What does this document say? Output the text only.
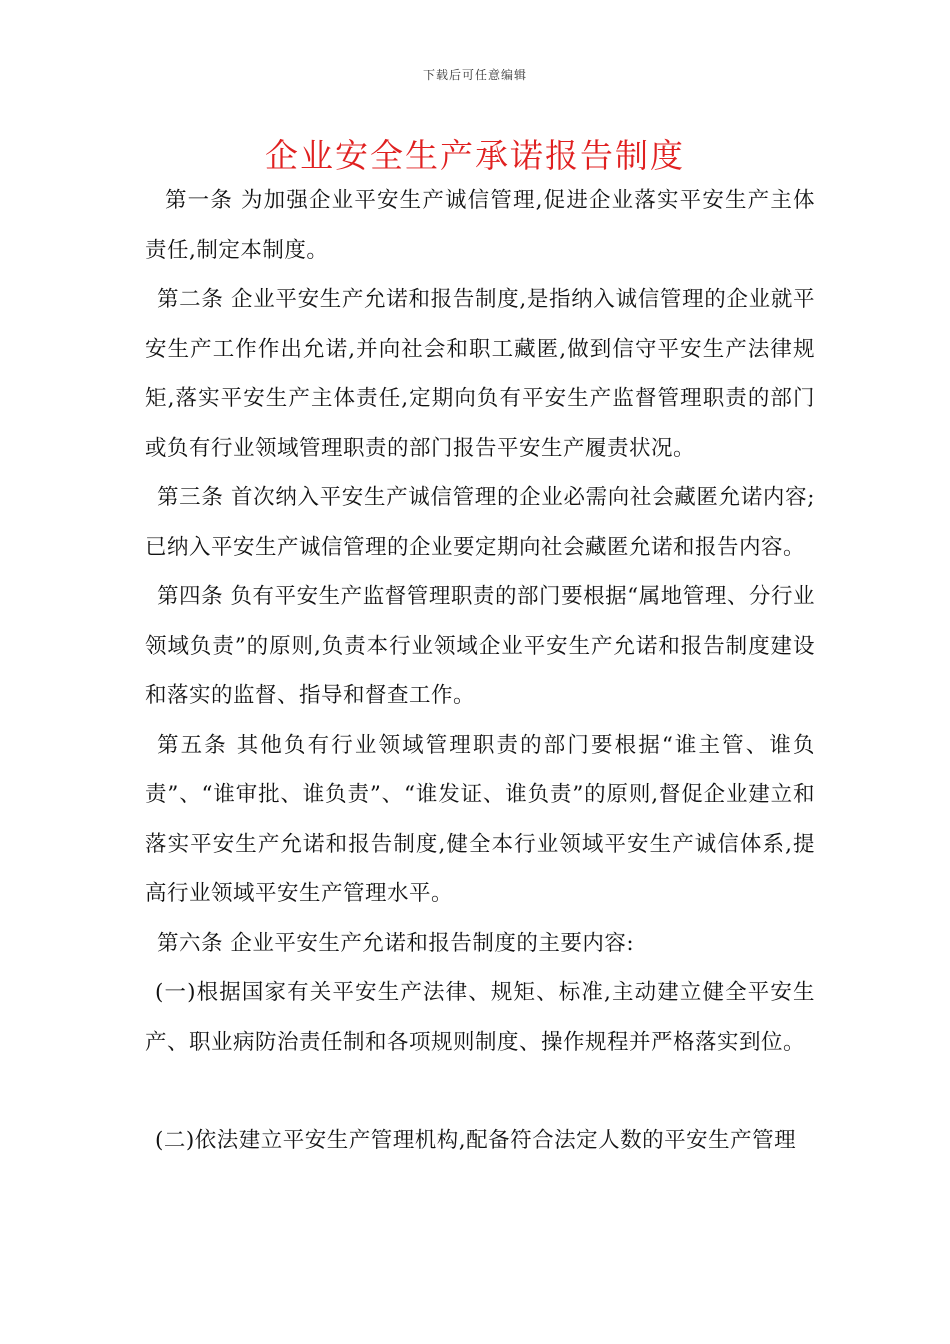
下载后可任意编辑
企业安全生产承诺报告制度

第一条 为加强企业平安生产诚信管理,促进企业落实平安生产主体责任,制定本制度。

第二条 企业平安生产允诺和报告制度,是指纳入诚信管理的企业就平安生产工作作出允诺,并向社会和职工藏匿,做到信守平安生产法律规矩,落实平安生产主体责任,定期向负有平安生产监督管理职责的部门或负有行业领域管理职责的部门报告平安生产履责状况。

第三条 首次纳入平安生产诚信管理的企业必需向社会藏匿允诺内容;已纳入平安生产诚信管理的企业要定期向社会藏匿允诺和报告内容。

第四条 负有平安生产监督管理职责的部门要根据“属地管理、分行业领域负责”的原则,负责本行业领域企业平安生产允诺和报告制度建设和落实的监督、指导和督查工作。

第五条 其他负有行业领域管理职责的部门要根据“谁主管、谁负责”、“谁审批、谁负责”、“谁发证、谁负责”的原则,督促企业建立和落实平安生产允诺和报告制度,健全本行业领域平安生产诚信体系,提高行业领域平安生产管理水平。

第六条 企业平安生产允诺和报告制度的主要内容:

(一)根据国家有关平安生产法律、规矩、标准,主动建立健全平安生产、职业病防治责任制和各项规则制度、操作规程并严格落实到位。

(二)依法建立平安生产管理机构,配备符合法定人数的平安生产管理
